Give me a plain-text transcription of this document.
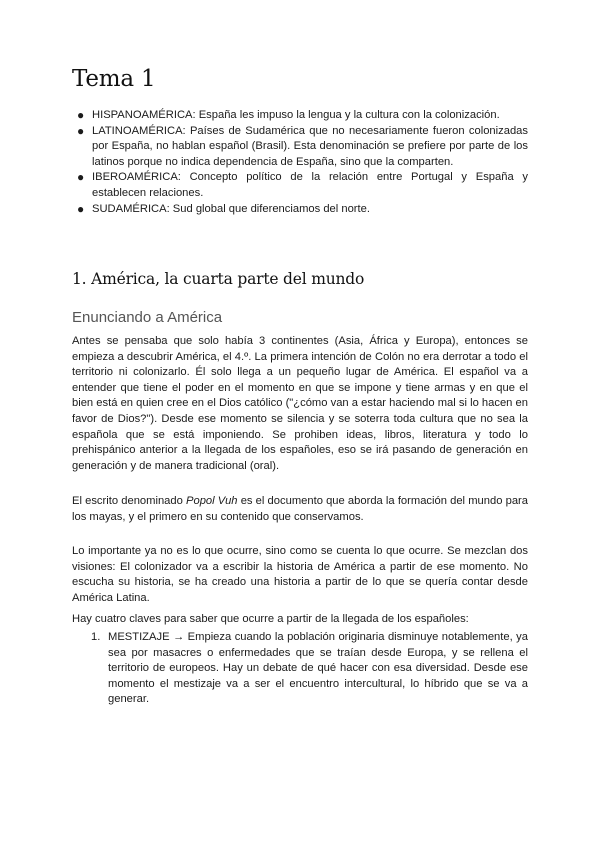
Tema 1
● HISPANOAMÉRICA: España les impuso la lengua y la cultura con la colonización.
● LATINOAMÉRICA: Países de Sudamérica que no necesariamente fueron colonizadas por España, no hablan español (Brasil). Esta denominación se prefiere por parte de los latinos porque no indica dependencia de España, sino que la comparten.
● IBEROAMÉRICA: Concepto político de la relación entre Portugal y España y establecen relaciones.
● SUDAMÉRICA: Sud global que diferenciamos del norte.
1. América, la cuarta parte del mundo
Enunciando a América

Antes se pensaba que solo había 3 continentes (Asia, África y Europa), entonces se empieza a descubrir América, el 4.º. La primera intención de Colón no era derrotar a todo el territorio ni colonizarlo. Él solo llega a un pequeño lugar de América. El español va a entender que tiene el poder en el momento en que se impone y tiene armas y en que el bien está en quien cree en el Dios católico ("¿cómo van a estar haciendo mal si lo hacen en favor de Dios?"). Desde ese momento se silencia y se soterra toda cultura que no sea la española que se está imponiendo. Se prohiben ideas, libros, literatura y todo lo prehispánico anterior a la llegada de los españoles, eso se irá pasando de generación en generación y de manera tradicional (oral).

El escrito denominado Popol Vuh es el documento que aborda la formación del mundo para los mayas, y el primero en su contenido que conservamos.

Lo importante ya no es lo que ocurre, sino como se cuenta lo que ocurre. Se mezclan dos visiones: El colonizador va a escribir la historia de América a partir de ese momento. No escucha su historia, se ha creado una historia a partir de lo que se quería contar desde América Latina.

Hay cuatro claves para saber que ocurre a partir de la llegada de los españoles:

1. MESTIZAJE → Empieza cuando la población originaria disminuye notablemente, ya sea por masacres o enfermedades que se traían desde Europa, y se rellena el territorio de europeos. Hay un debate de qué hacer con esa diversidad. Desde ese momento el mestizaje va a ser el encuentro intercultural, lo híbrido que se va a generar.
